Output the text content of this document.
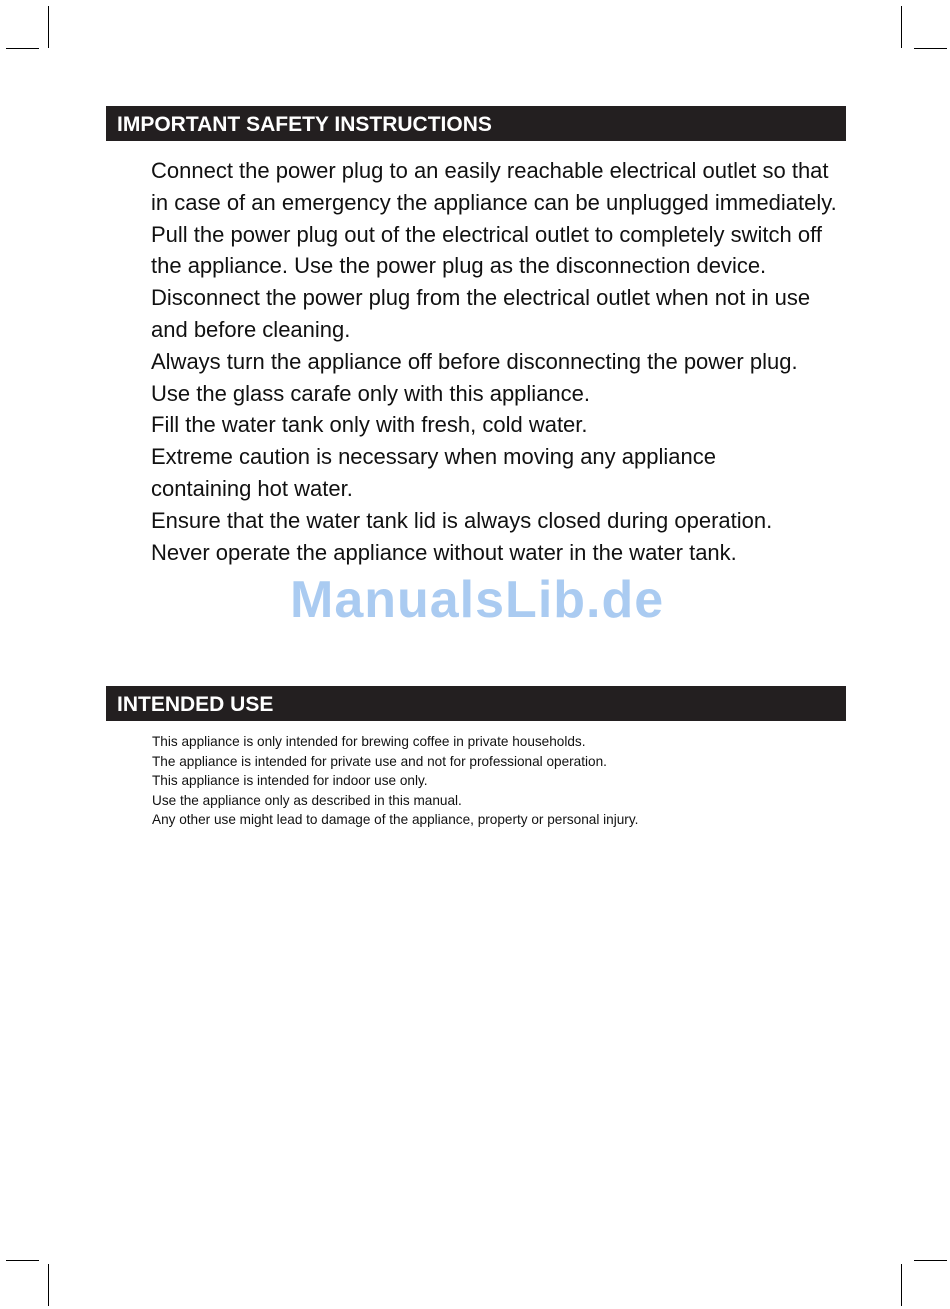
IMPORTANT SAFETY INSTRUCTIONS
Connect the power plug to an easily reachable electrical outlet so that in case of an emergency the appliance can be unplugged immediately. Pull the power plug out of the electrical outlet to completely switch off the appliance. Use the power plug as the disconnection device.
Disconnect the power plug from the electrical outlet when not in use and before cleaning.
Always turn the appliance off before disconnecting the power plug.
Use the glass carafe only with this appliance.
Fill the water tank only with fresh, cold water.
Extreme caution is necessary when moving any appliance containing hot water.
Ensure that the water tank lid is always closed during operation.
Never operate the appliance without water in the water tank.
ManualsLib.de
INTENDED USE
This appliance is only intended for brewing coffee in private households.
The appliance is intended for private use and not for professional operation.
This appliance is intended for indoor use only.
Use the appliance only as described in this manual.
Any other use might lead to damage of the appliance, property or personal injury.
